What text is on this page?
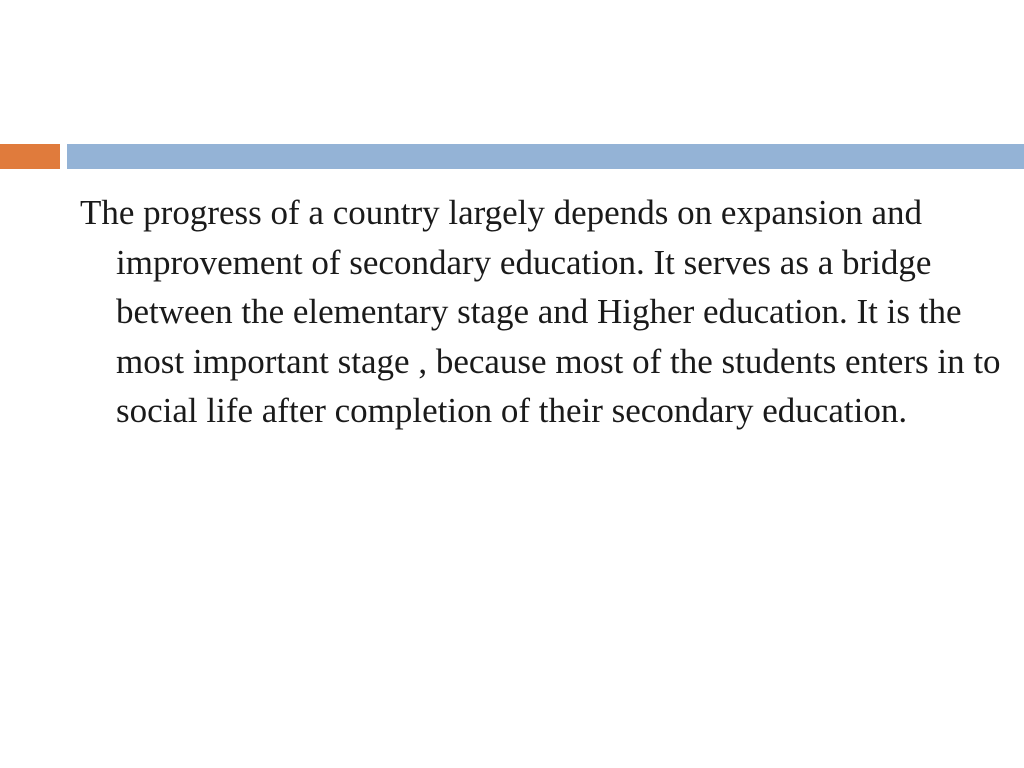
The progress of a country largely depends on expansion and improvement of secondary education. It serves as a bridge between the elementary stage and Higher education. It is the most important stage , because most of the students enters in to social life after completion of their secondary education.
